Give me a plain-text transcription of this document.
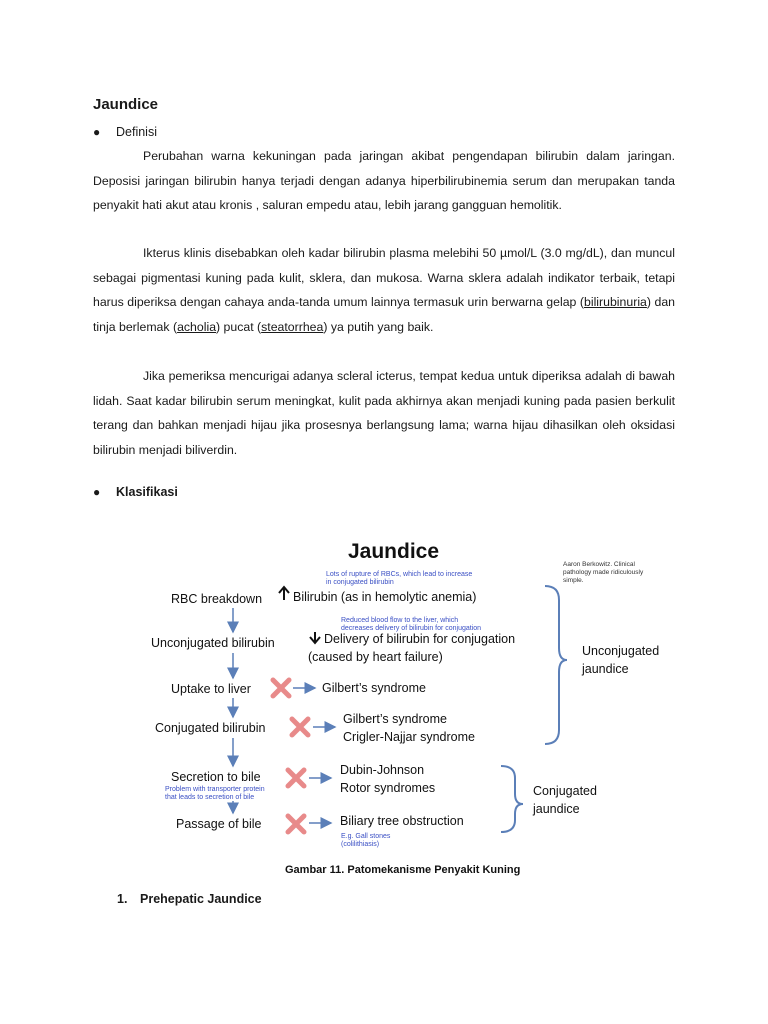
Jaundice
● Definisi

Perubahan warna kekuningan pada jaringan akibat pengendapan bilirubin dalam jaringan. Deposisi jaringan bilirubin hanya terjadi dengan adanya hiperbilirubinemia serum dan merupakan tanda penyakit hati akut atau kronis , saluran empedu atau, lebih jarang gangguan hemolitik.

Ikterus klinis disebabkan oleh kadar bilirubin plasma melebihi 50 µmol/L (3.0 mg/dL), dan muncul sebagai pigmentasi kuning pada kulit, sklera, dan mukosa. Warna sklera adalah indikator terbaik, tetapi harus diperiksa dengan cahaya anda-tanda umum lainnya termasuk urin berwarna gelap (bilirubinuria) dan tinja berlemak (acholia) pucat (steatorrhea) ya putih yang baik.

Jika pemeriksa mencurigai adanya scleral icterus, tempat kedua untuk diperiksa adalah di bawah lidah. Saat kadar bilirubin serum meningkat, kulit pada akhirnya akan menjadi kuning pada pasien berkulit terang dan bahkan menjadi hijau jika prosesnya berlangsung lama; warna hijau dihasilkan oleh oksidasi bilirubin menjadi biliverdin.

● Klasifikasi
Jaundice
Aaron Berkowitz. Clinical
pathology made ridiculously
simple.
Lots of rupture of RBCs, which lead to increase
in conjugated bilirubin
Reduced blood flow to the liver, which
decreases delivery of bilirubin for conjugation
Problem with transporter protein
that leads to secretion of bile
E.g. Gall stones
(colilithiasis)
RBC breakdown
Unconjugated bilirubin
Uptake to liver
Conjugated bilirubin
Secretion to bile
Passage of bile
Bilirubin (as in hemolytic anemia)
Delivery of bilirubin for conjugation
(caused by heart failure)
Gilbert’s syndrome
Gilbert’s syndrome
Crigler-Najjar syndrome
Dubin-Johnson
Rotor syndromes
Biliary tree obstruction
Unconjugated
jaundice
Conjugated
jaundice
Gambar 11. Patomekanisme Penyakit Kuning
1. Prehepatic Jaundice
